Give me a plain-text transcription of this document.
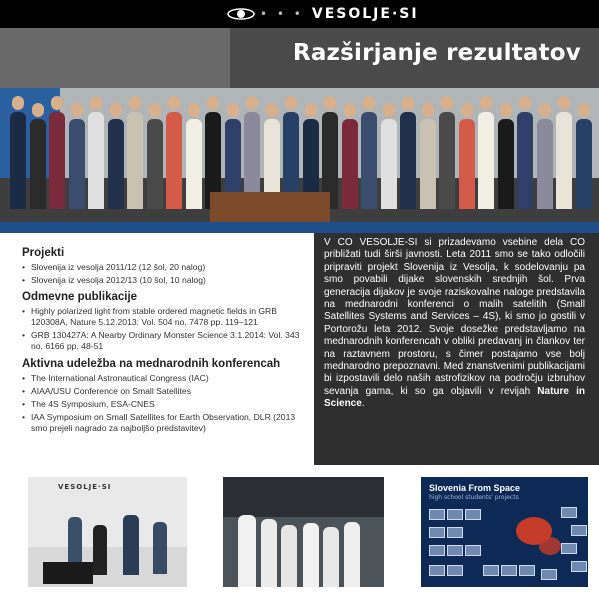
• • • VESOLJE·SI
Razširjanje rezultatov
Projekti
• Slovenija iz vesolja 2011/12 (12 šol, 20 nalog)
• Slovenija iz vesolja 2012/13 (10 šol, 10 nalog)
Odmevne publikacije
• Highly polarized light from stable ordered magnetic fields in GRB 120308A, Nature 5.12.2013: Vol. 504 no. 7478 pp. 119–121
• GRB 130427A: A Nearby Ordinary Monster Science 3.1.2014: Vol. 343 no. 6166 pp. 48-51
Aktivna udeležba na mednarodnih konferencah
• The International Astronautical Congress (IAC)
• AIAA/USU Conference on Small Satellites
• The 4S Symposium, ESA-CNES
• IAA Symposium on Small Satellites for Earth Observation, DLR (2013 smo prejeli nagrado za najboljšo predstavitev)

V CO VESOLJE-SI si prizadevamo vsebine dela CO približati tudi širši javnosti. Leta 2011 smo se tako odločili pripraviti projekt Slovenija iz Vesolja, k sodelovanju pa smo povabili dijake slovenskih srednjih šol. Prva generacija dijakov je svoje raziskovalne naloge predstavila na mednarodni konferenci o malih satelitih (Small Satellites Systems and Services – 4S), ki smo jo gostili v Portorožu leta 2012. Svoje dosežke predstavljamo na mednarodnih konferencah v obliki predavanj in člankov ter na raztavnem prostoru, s čimer postajamo vse bolj mednarodno prepoznavni. Med znanstvenimi publikacijami bi izpostavili delo naših astrofizikov na področju izbruhov sevanja gama, ki so ga objavili v revijah Nature in Science.

VESOLJE·SI	Slovenia From Space
high school students' projects
